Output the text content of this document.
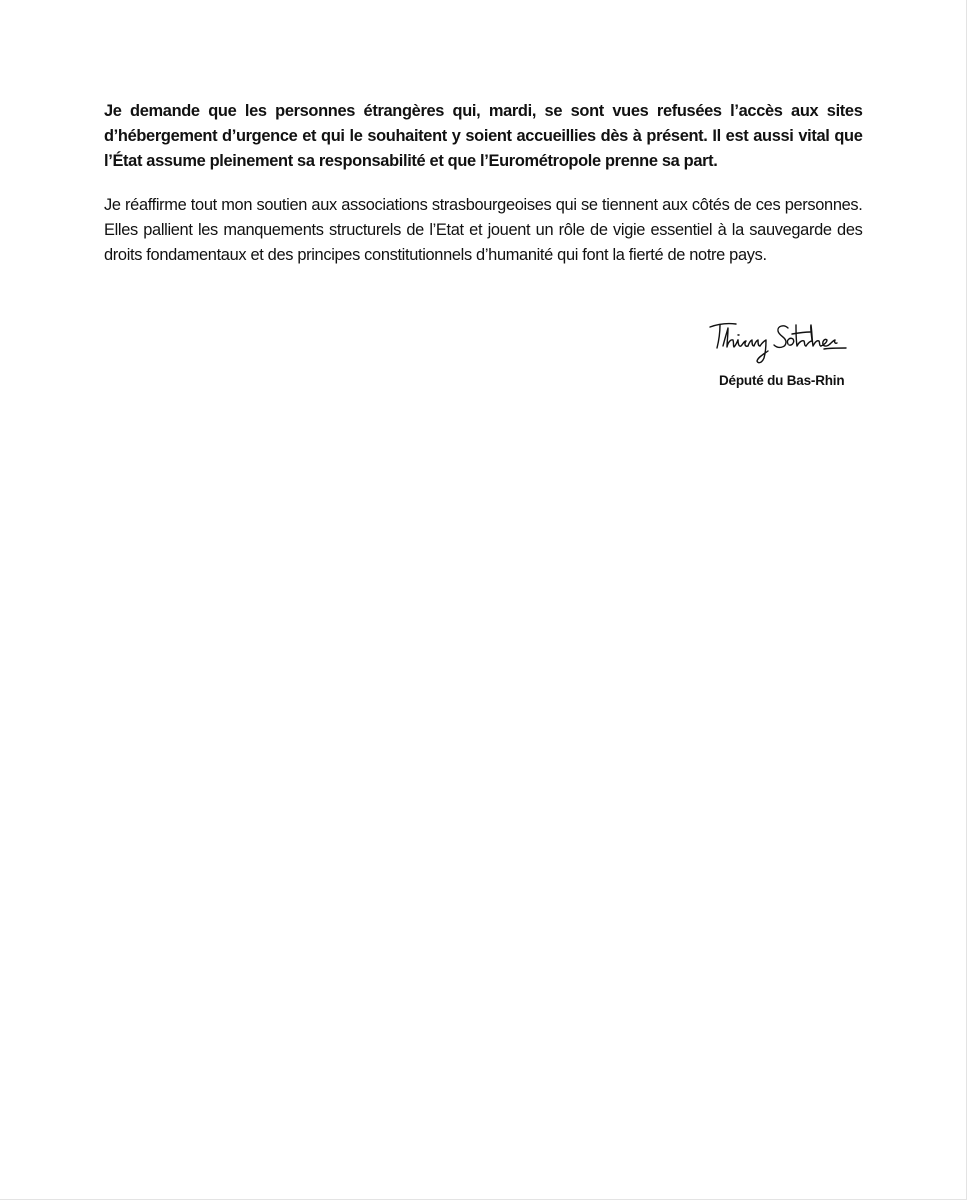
Je demande que les personnes étrangères qui, mardi, se sont vues refusées l’accès aux sites d’hébergement d’urgence et qui le souhaitent y soient accueillies dès à présent. Il est aussi vital que l’État assume pleinement sa responsabilité et que l’Eurométropole prenne sa part.

Je réaffirme tout mon soutien aux associations strasbourgeoises qui se tiennent aux côtés de ces personnes. Elles pallient les manquements structurels de l’Etat et jouent un rôle de vigie essentiel à la sauvegarde des droits fondamentaux et des principes constitutionnels d’humanité qui font la fierté de notre pays.

Député du Bas-Rhin
